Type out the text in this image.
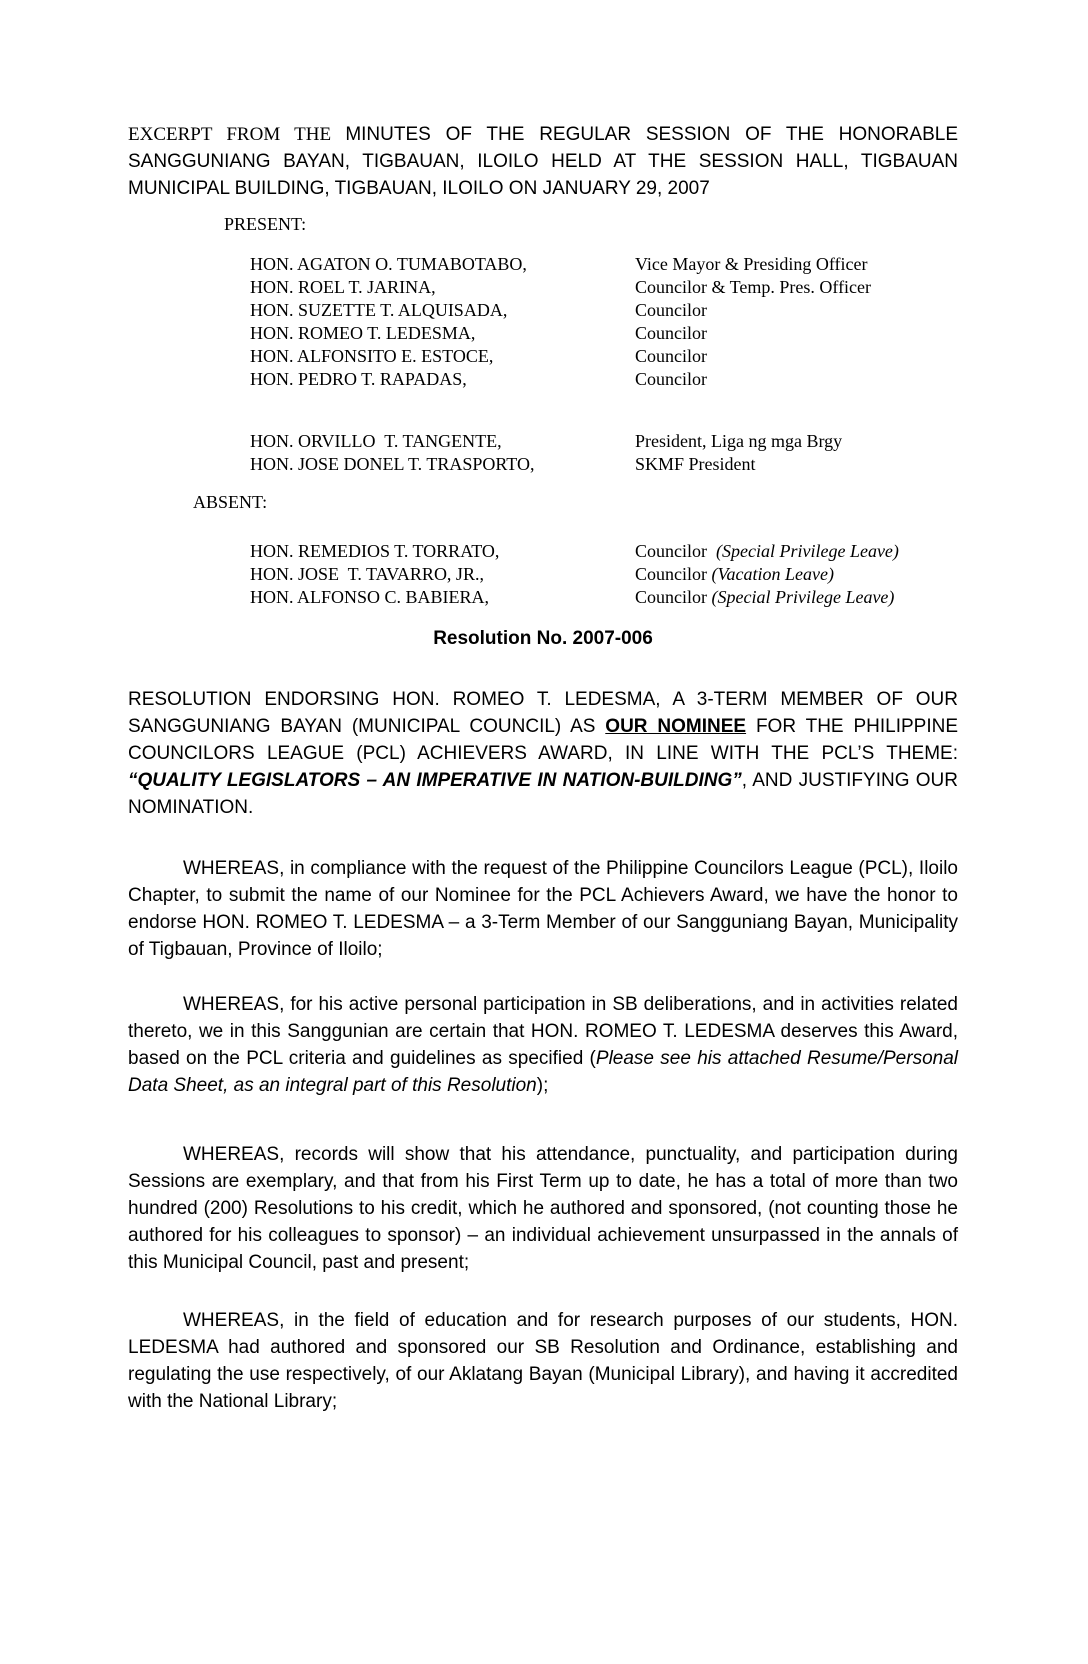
EXCERPT FROM THE MINUTES OF THE REGULAR SESSION OF THE HONORABLE SANGGUNIANG BAYAN, TIGBAUAN, ILOILO HELD AT THE SESSION HALL, TIGBAUAN MUNICIPAL BUILDING, TIGBAUAN, ILOILO ON JANUARY 29, 2007

PRESENT:

HON. AGATON O. TUMABOTABO,	Vice Mayor & Presiding Officer
HON. ROEL T. JARINA,	Councilor & Temp. Pres. Officer
HON. SUZETTE T. ALQUISADA,	Councilor
HON. ROMEO T. LEDESMA,	Councilor
HON. ALFONSITO E. ESTOCE,	Councilor
HON. PEDRO T. RAPADAS,	Councilor
HON. ORVILLO  T. TANGENTE,	President, Liga ng mga Brgy
HON. JOSE DONEL T. TRASPORTO,	SKMF President

ABSENT:

HON. REMEDIOS T. TORRATO,	Councilor  (Special Privilege Leave)
HON. JOSE  T. TAVARRO, JR.,	Councilor (Vacation Leave)
HON. ALFONSO C. BABIERA,	Councilor (Special Privilege Leave)

Resolution No. 2007-006

RESOLUTION ENDORSING HON. ROMEO T. LEDESMA, A 3-TERM MEMBER OF OUR SANGGUNIANG BAYAN (MUNICIPAL COUNCIL) AS OUR NOMINEE FOR THE PHILIPPINE COUNCILORS LEAGUE (PCL) ACHIEVERS AWARD, IN LINE WITH THE PCL’S THEME: “QUALITY LEGISLATORS – AN IMPERATIVE IN NATION-BUILDING”, AND JUSTIFYING OUR NOMINATION.

WHEREAS, in compliance with the request of the Philippine Councilors League (PCL), Iloilo Chapter, to submit the name of our Nominee for the PCL Achievers Award, we have the honor to endorse HON. ROMEO T. LEDESMA – a 3-Term Member of our Sangguniang Bayan, Municipality of Tigbauan, Province of Iloilo;

WHEREAS, for his active personal participation in SB deliberations, and in activities related thereto, we in this Sanggunian are certain that HON. ROMEO T. LEDESMA deserves this Award, based on the PCL criteria and guidelines as specified (Please see his attached Resume/Personal Data Sheet, as an integral part of this Resolution);

WHEREAS, records will show that his attendance, punctuality, and participation during Sessions are exemplary, and that from his First Term up to date, he has a total of more than two hundred (200) Resolutions to his credit, which he authored and sponsored, (not counting those he authored for his colleagues to sponsor) – an individual achievement unsurpassed in the annals of this Municipal Council, past and present;

WHEREAS, in the field of education and for research purposes of our students, HON. LEDESMA had authored and sponsored our SB Resolution and Ordinance, establishing and regulating the use respectively, of our Aklatang Bayan (Municipal Library), and having it accredited with the National Library;
